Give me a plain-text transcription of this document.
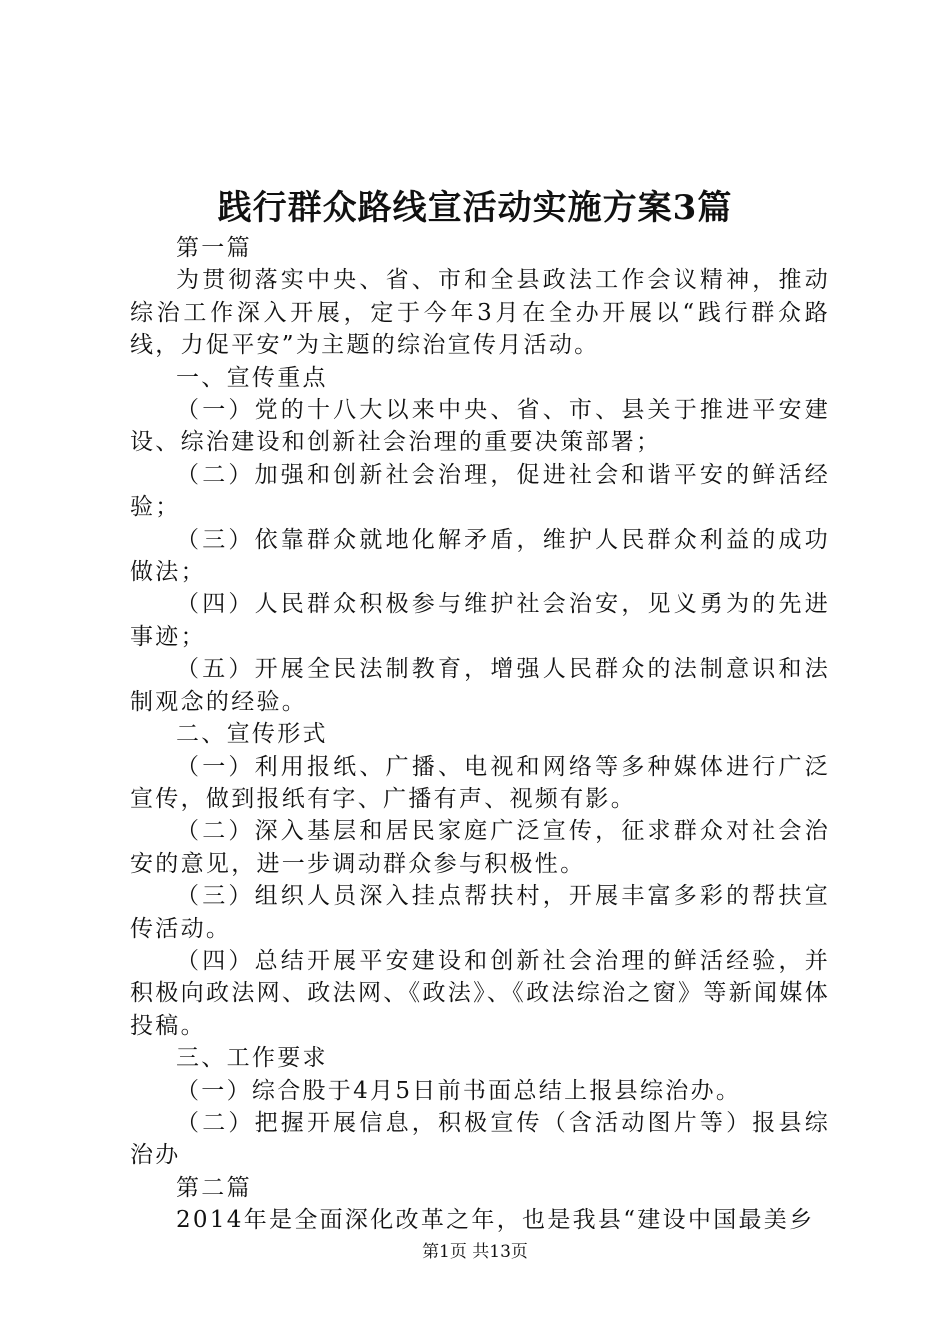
践行群众路线宣活动实施方案3篇

第一篇

为贯彻落实中央、省、市和全县政法工作会议精神，推动综治工作深入开展，定于今年3月在全办开展以“践行群众路线，力促平安”为主题的综治宣传月活动。

一、宣传重点

（一）党的十八大以来中央、省、市、县关于推进平安建设、综治建设和创新社会治理的重要决策部署；

（二）加强和创新社会治理，促进社会和谐平安的鲜活经验；

（三）依靠群众就地化解矛盾，维护人民群众利益的成功做法；

（四）人民群众积极参与维护社会治安，见义勇为的先进事迹；

（五）开展全民法制教育，增强人民群众的法制意识和法制观念的经验。

二、宣传形式

（一）利用报纸、广播、电视和网络等多种媒体进行广泛宣传，做到报纸有字、广播有声、视频有影。

（二）深入基层和居民家庭广泛宣传，征求群众对社会治安的意见，进一步调动群众参与积极性。

（三）组织人员深入挂点帮扶村，开展丰富多彩的帮扶宣传活动。

（四）总结开展平安建设和创新社会治理的鲜活经验，并积极向政法网、政法网、《政法》、《政法综治之窗》等新闻媒体投稿。

三、工作要求

（一）综合股于4月5日前书面总结上报县综治办。

（二）把握开展信息，积极宣传（含活动图片等）报县综治办

第二篇

2014年是全面深化改革之年，也是我县“建设中国最美乡

第1页 共13页
